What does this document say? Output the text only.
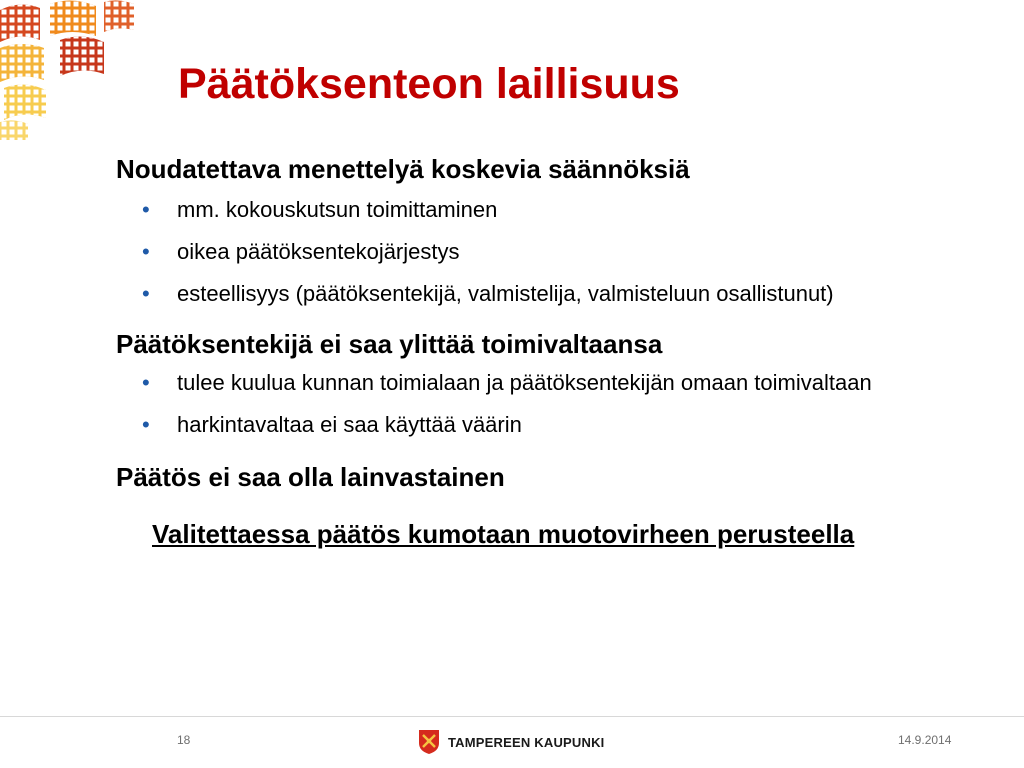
Päätöksenteon laillisuus

Noudatettava menettelyä koskevia säännöksiä

• mm. kokouskutsun toimittaminen
• oikea päätöksentekojärjestys
• esteellisyys (päätöksentekijä, valmistelija, valmisteluun osallistunut)

Päätöksentekijä ei saa ylittää toimivaltaansa

• tulee kuulua kunnan toimialaan ja päätöksentekijän omaan toimivaltaan
• harkintavaltaa ei saa käyttää väärin

Päätös ei saa olla lainvastainen

Valitettaessa päätös kumotaan muotovirheen perusteella

18	TAMPEREEN KAUPUNKI	14.9.2014
